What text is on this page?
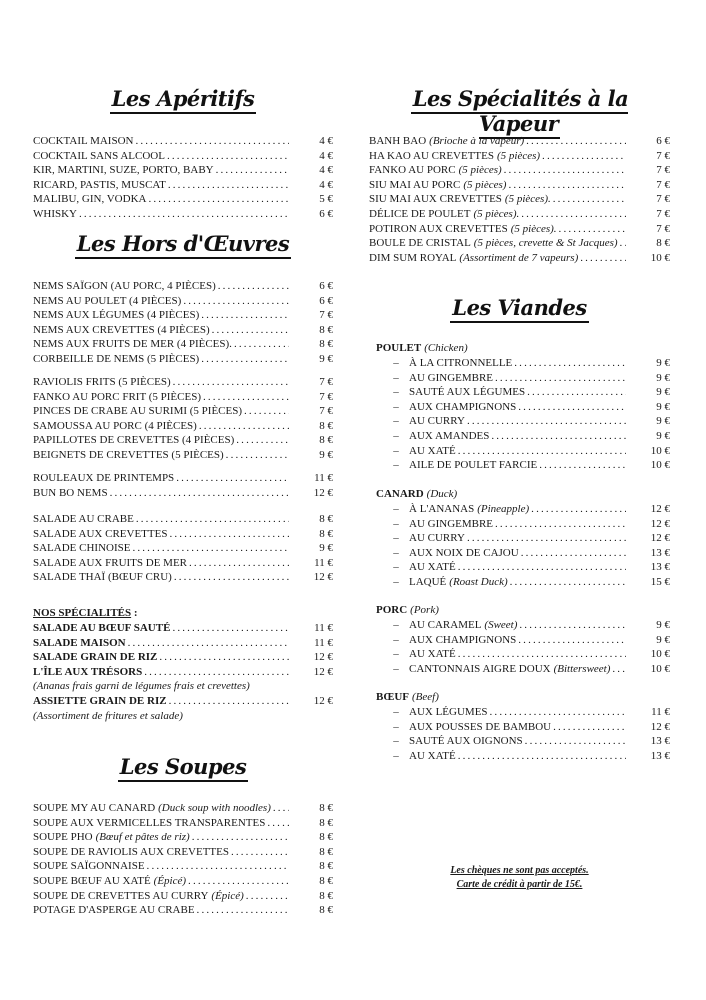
Les Apéritifs
COCKTAIL MAISON . . .	4 €
COCKTAIL SANS ALCOOL . . .	4 €
KIR, MARTINI, SUZE, PORTO, BABY . . .	4 €
RICARD, PASTIS, MUSCAT . . .	4 €
MALIBU, GIN, VODKA . . .	5 €
WHISKY . . .	6 €
Les Hors d'Œuvres
NEMS SAÏGON (AU PORC, 4 PIÈCES) . . .	6 €
NEMS AU POULET (4 PIÈCES) . . .	6 €
NEMS AUX LÉGUMES (4 PIÈCES) . . .	7 €
NEMS AUX CREVETTES (4 PIÈCES) . . .	8 €
NEMS AUX FRUITS DE MER (4 PIÈCES). . . .	8 €
CORBEILLE DE NEMS (5 PIÈCES) . . .	9 €
RAVIOLIS FRITS (5 PIÈCES) . . .	7 €
FANKO AU PORC FRIT (5 PIÈCES) . . .	7 €
PINCES DE CRABE AU SURIMI (5 PIÈCES) . . .	7 €
SAMOUSSA AU PORC (4 PIÈCES) . . .	8 €
PAPILLOTES DE CREVETTES (4 PIÈCES) . . .	8 €
BEIGNETS DE CREVETTES (5 PIÈCES) . . .	9 €
ROULEAUX DE PRINTEMPS . . .	11 €
BUN BO NEMS . . .	12 €
SALADE AU CRABE . . .	8 €
SALADE AUX CREVETTES . . .	8 €
SALADE CHINOISE . . .	9 €
SALADE AUX FRUITS DE MER . . .	11 €
SALADE THAÏ (BŒUF CRU) . . .	12 €
NOS SPÉCIALITÉS :
SALADE AU BŒUF SAUTÉ . . .	11 €
SALADE MAISON . . .	11 €
SALADE GRAIN DE RIZ . . .	12 €
L'ÎLE AUX TRÉSORS . . .	12 €
(Ananas frais garni de légumes frais et crevettes)
ASSIETTE GRAIN DE RIZ . . .	12 €
(Assortiment de fritures et salade)
Les Soupes
SOUPE MY AU CANARD (Duck soup with noodles) . . .	8 €
SOUPE AUX VERMICELLES TRANSPARENTES . . .	8 €
SOUPE PHO (Bœuf et pâtes de riz) . . .	8 €
SOUPE DE RAVIOLIS AUX CREVETTES . . .	8 €
SOUPE SAÏGONNAISE . . .	8 €
SOUPE BŒUF AU XATÉ (Épicé) . . .	8 €
SOUPE DE CREVETTES AU CURRY (Épicé) . . .	8 €
POTAGE D'ASPERGE AU CRABE . . .	8 €
Les Spécialités à la Vapeur
BANH BAO (Brioche à la vapeur) . . .	6 €
HA KAO AU CREVETTES (5 pièces) . . .	7 €
FANKO AU PORC (5 pièces) . . .	7 €
SIU MAI AU PORC (5 pièces) . . .	7 €
SIU MAI AUX CREVETTES (5 pièces). . . .	7 €
DÉLICE DE POULET (5 pièces). . . .	7 €
POTIRON AUX CREVETTES (5 pièces). . . .	7 €
BOULE DE CRISTAL (5 pièces, crevette & St Jacques) . . .	8 €
DIM SUM ROYAL (Assortiment de 7 vapeurs) . . .	10 €
Les Viandes
POULET (Chicken)
– À LA CITRONNELLE . . .	9 €
– AU GINGEMBRE . . .	9 €
– SAUTÉ AUX LÉGUMES . . .	9 €
– AUX CHAMPIGNONS . . .	9 €
– AU CURRY . . .	9 €
– AUX AMANDES . . .	9 €
– AU XATÉ . . .	10 €
– AILE DE POULET FARCIE . . .	10 €
CANARD (Duck)
– À L'ANANAS (Pineapple) . . .	12 €
– AU GINGEMBRE . . .	12 €
– AU CURRY . . .	12 €
– AUX NOIX DE CAJOU . . .	13 €
– AU XATÉ . . .	13 €
– LAQUÉ (Roast Duck) . . .	15 €
PORC (Pork)
– AU CARAMEL (Sweet) . . .	9 €
– AUX CHAMPIGNONS . . .	9 €
– AU XATÉ . . .	10 €
– CANTONNAIS AIGRE DOUX (Bittersweet) . . .	10 €
BŒUF (Beef)
– AUX LÉGUMES . . .	11 €
– AUX POUSSES DE BAMBOU . . .	12 €
– SAUTÉ AUX OIGNONS . . .	13 €
– AU XATÉ . . .	13 €
Les chèques ne sont pas acceptés.
Carte de crédit à partir de 15€.
